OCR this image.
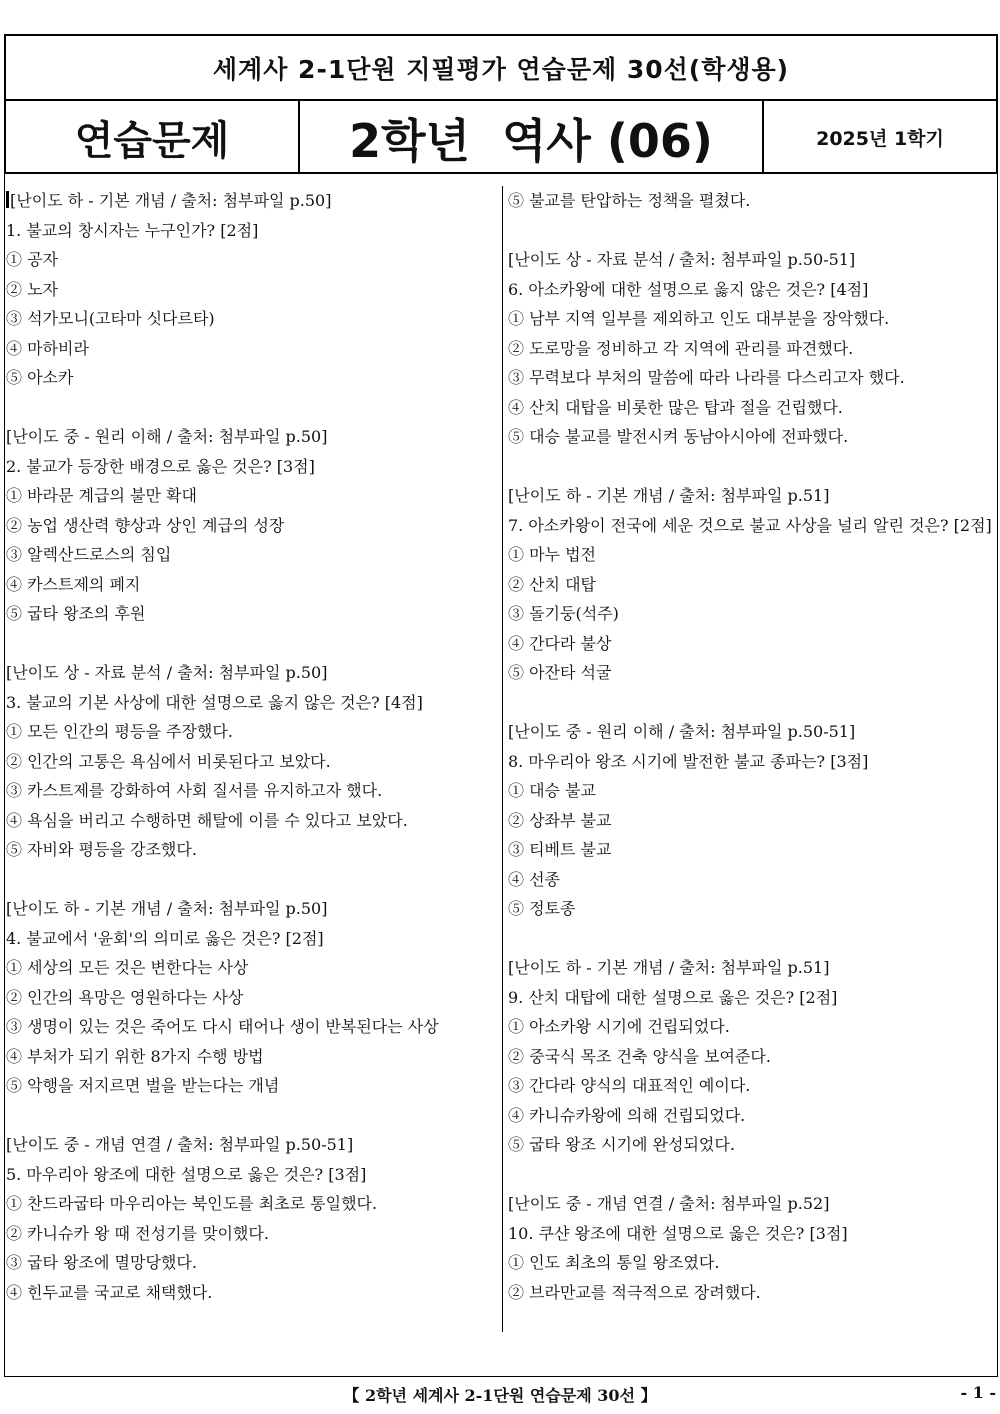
세계사 2-1단원 지필평가 연습문제 30선(학생용)
연습문제	2학년  역사 (06)	2025년 1학기
[난이도 하 - 기본 개념 / 출처: 첨부파일 p.50]
1. 불교의 창시자는 누구인가? [2점]
① 공자
② 노자
③ 석가모니(고타마 싯다르타)
④ 마하비라
⑤ 아소카
[난이도 중 - 원리 이해 / 출처: 첨부파일 p.50]
2. 불교가 등장한 배경으로 옳은 것은? [3점]
① 바라문 계급의 불만 확대
② 농업 생산력 향상과 상인 계급의 성장
③ 알렉산드로스의 침입
④ 카스트제의 폐지
⑤ 굽타 왕조의 후원
[난이도 상 - 자료 분석 / 출처: 첨부파일 p.50]
3. 불교의 기본 사상에 대한 설명으로 옳지 않은 것은? [4점]
① 모든 인간의 평등을 주장했다.
② 인간의 고통은 욕심에서 비롯된다고 보았다.
③ 카스트제를 강화하여 사회 질서를 유지하고자 했다.
④ 욕심을 버리고 수행하면 해탈에 이를 수 있다고 보았다.
⑤ 자비와 평등을 강조했다.
[난이도 하 - 기본 개념 / 출처: 첨부파일 p.50]
4. 불교에서 '윤회'의 의미로 옳은 것은? [2점]
① 세상의 모든 것은 변한다는 사상
② 인간의 욕망은 영원하다는 사상
③ 생명이 있는 것은 죽어도 다시 태어나 생이 반복된다는 사상
④ 부처가 되기 위한 8가지 수행 방법
⑤ 악행을 저지르면 벌을 받는다는 개념
[난이도 중 - 개념 연결 / 출처: 첨부파일 p.50-51]
5. 마우리아 왕조에 대한 설명으로 옳은 것은? [3점]
① 찬드라굽타 마우리아는 북인도를 최초로 통일했다.
② 카니슈카 왕 때 전성기를 맞이했다.
③ 굽타 왕조에 멸망당했다.
④ 힌두교를 국교로 채택했다.
⑤ 불교를 탄압하는 정책을 펼쳤다.
[난이도 상 - 자료 분석 / 출처: 첨부파일 p.50-51]
6. 아소카왕에 대한 설명으로 옳지 않은 것은? [4점]
① 남부 지역 일부를 제외하고 인도 대부분을 장악했다.
② 도로망을 정비하고 각 지역에 관리를 파견했다.
③ 무력보다 부처의 말씀에 따라 나라를 다스리고자 했다.
④ 산치 대탑을 비롯한 많은 탑과 절을 건립했다.
⑤ 대승 불교를 발전시켜 동남아시아에 전파했다.
[난이도 하 - 기본 개념 / 출처: 첨부파일 p.51]
7. 아소카왕이 전국에 세운 것으로 불교 사상을 널리 알린 것은? [2점]
① 마누 법전
② 산치 대탑
③ 돌기둥(석주)
④ 간다라 불상
⑤ 아잔타 석굴
[난이도 중 - 원리 이해 / 출처: 첨부파일 p.50-51]
8. 마우리아 왕조 시기에 발전한 불교 종파는? [3점]
① 대승 불교
② 상좌부 불교
③ 티베트 불교
④ 선종
⑤ 정토종
[난이도 하 - 기본 개념 / 출처: 첨부파일 p.51]
9. 산치 대탑에 대한 설명으로 옳은 것은? [2점]
① 아소카왕 시기에 건립되었다.
② 중국식 목조 건축 양식을 보여준다.
③ 간다라 양식의 대표적인 예이다.
④ 카니슈카왕에 의해 건립되었다.
⑤ 굽타 왕조 시기에 완성되었다.
[난이도 중 - 개념 연결 / 출처: 첨부파일 p.52]
10. 쿠샨 왕조에 대한 설명으로 옳은 것은? [3점]
① 인도 최초의 통일 왕조였다.
② 브라만교를 적극적으로 장려했다.
【 2학년 세계사 2-1단원 연습문제 30선 】	- 1 -
